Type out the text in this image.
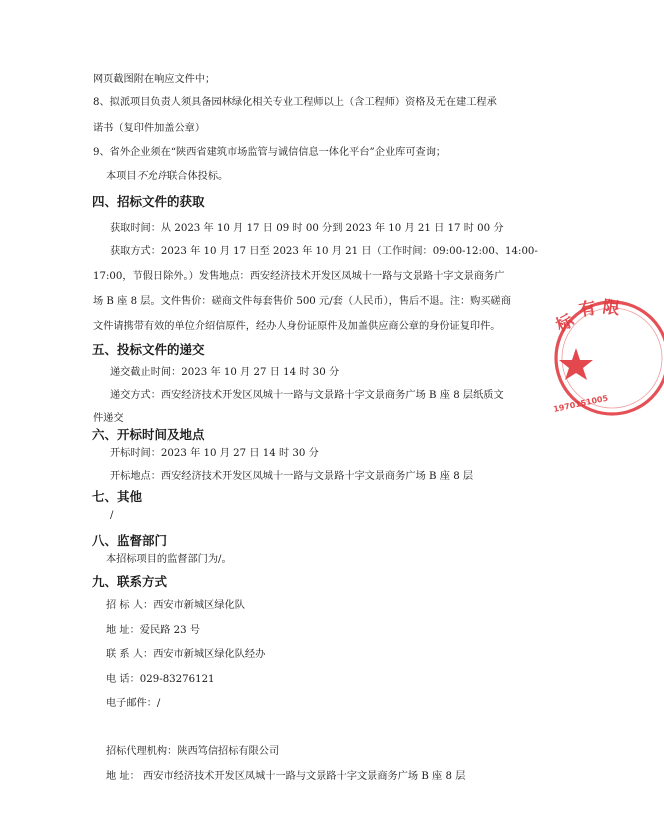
网页截图附在响应文件中；
8、拟派项目负责人须具备园林绿化相关专业工程师以上（含工程师）资格及无在建工程承
诺书（复印件加盖公章）
9、省外企业须在“陕西省建筑市场监管与诚信信息一体化平台”企业库可查询；
本项目不允许联合体投标。
四、招标文件的获取
获取时间：从 2023 年 10 月 17 日 09 时 00 分到 2023 年 10 月 21 日 17 时 00 分
获取方式：2023 年 10 月 17 日至 2023 年 10 月 21 日（工作时间：09:00-12:00、14:00-
17:00，节假日除外。）发售地点：西安经济技术开发区凤城十一路与文景路十字文景商务广
场 B 座 8 层。文件售价：磋商文件每套售价 500 元/套（人民币），售后不退。注：购买磋商
文件请携带有效的单位介绍信原件，经办人身份证原件及加盖供应商公章的身份证复印件。
五、投标文件的递交
递交截止时间：2023 年 10 月 27 日 14 时 30 分
递交方式：西安经济技术开发区凤城十一路与文景路十字文景商务广场 B 座 8 层纸质文
件递交
六、开标时间及地点
开标时间：2023 年 10 月 27 日 14 时 30 分
开标地点：西安经济技术开发区凤城十一路与文景路十字文景商务广场 B 座 8 层
七、其他
/
八、监督部门
本招标项目的监督部门为/。
九、联系方式
招 标 人：西安市新城区绿化队
地 址：爱民路 23 号
联 系 人：西安市新城区绿化队经办
电 话：029-83276121
电子邮件：/
招标代理机构：陕西笃信招标有限公司
地 址： 西安市经济技术开发区凤城十一路与文景路十字文景商务广场 B 座 8 层
标
有 限
1970151005
